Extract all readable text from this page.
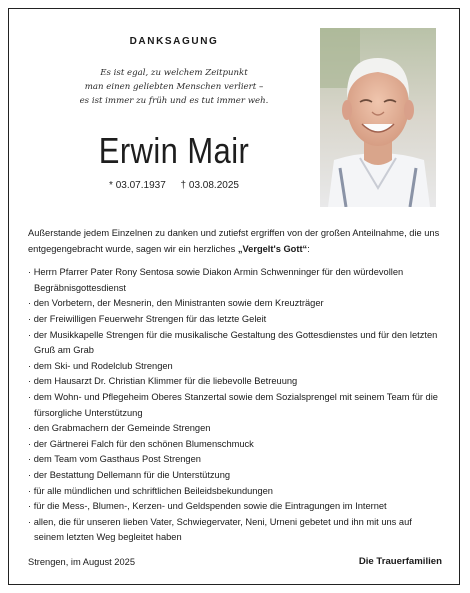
DANKSAGUNG
Es ist egal, zu welchem Zeitpunkt
man einen geliebten Menschen verliert –
es ist immer zu früh und es tut immer weh.
Erwin Mair
* 03.07.1937 † 03.08.2025

Außerstande jedem Einzelnen zu danken und zutiefst ergriffen von der großen Anteilnahme, die uns entgegengebracht wurde, sagen wir ein herzliches „Vergelt's Gott“:

· Herrn Pfarrer Pater Rony Sentosa sowie Diakon Armin Schwenninger für den würdevollen Begräbnisgottesdienst
· den Vorbetern, der Mesnerin, den Ministranten sowie dem Kreuzträger
· der Freiwilligen Feuerwehr Strengen für das letzte Geleit
· der Musikkapelle Strengen für die musikalische Gestaltung des Gottesdienstes und für den letzten Gruß am Grab
· dem Ski- und Rodelclub Strengen
· dem Hausarzt Dr. Christian Klimmer für die liebevolle Betreuung
· dem Wohn- und Pflegeheim Oberes Stanzertal sowie dem Sozialsprengel mit seinem Team für die fürsorgliche Unterstützung
· den Grabmachern der Gemeinde Strengen
· der Gärtnerei Falch für den schönen Blumenschmuck
· dem Team vom Gasthaus Post Strengen
· der Bestattung Dellemann für die Unterstützung
· für alle mündlichen und schriftlichen Beileidsbekundungen
· für die Mess-, Blumen-, Kerzen- und Geldspenden sowie die Eintragungen im Internet
· allen, die für unseren lieben Vater, Schwiegervater, Neni, Urneni gebetet und ihn mit uns auf seinem letzten Weg begleitet haben
Strengen, im August 2025	Die Trauerfamilien
